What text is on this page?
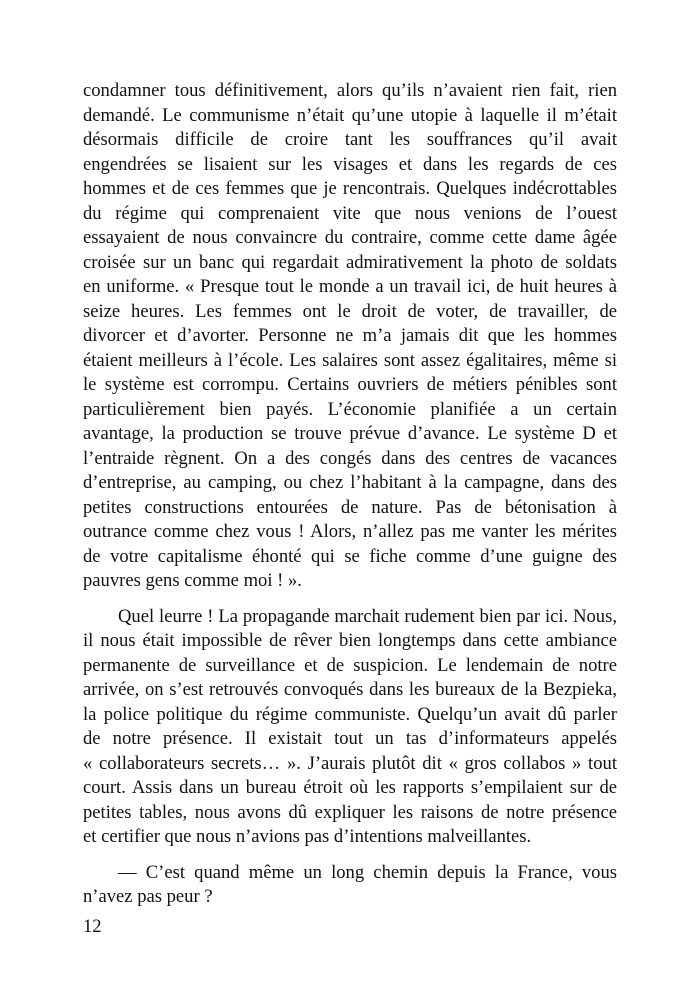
condamner tous définitivement, alors qu’ils n’avaient rien fait, rien
demandé. Le communisme n’était qu’une utopie à laquelle il m’était
désormais difficile de croire tant les souffrances qu’il avait
engendrées se lisaient sur les visages et dans les regards de ces
hommes et de ces femmes que je rencontrais. Quelques indécrottables
du régime qui comprenaient vite que nous venions de l’ouest
essayaient de nous convaincre du contraire, comme cette dame âgée
croisée sur un banc qui regardait admirativement la photo de soldats
en uniforme. « Presque tout le monde a un travail ici, de huit heures à
seize heures. Les femmes ont le droit de voter, de travailler, de
divorcer et d’avorter. Personne ne m’a jamais dit que les hommes
étaient meilleurs à l’école. Les salaires sont assez égalitaires, même si
le système est corrompu. Certains ouvriers de métiers pénibles sont
particulièrement bien payés. L’économie planifiée a un certain
avantage, la production se trouve prévue d’avance. Le système D et
l’entraide règnent. On a des congés dans des centres de vacances
d’entreprise, au camping, ou chez l’habitant à la campagne, dans des
petites constructions entourées de nature. Pas de bétonisation à
outrance comme chez vous ! Alors, n’allez pas me vanter les mérites
de votre capitalisme éhonté qui se fiche comme d’une guigne des
pauvres gens comme moi ! ».
Quel leurre ! La propagande marchait rudement bien par ici. Nous,
il nous était impossible de rêver bien longtemps dans cette ambiance
permanente de surveillance et de suspicion. Le lendemain de notre
arrivée, on s’est retrouvés convoqués dans les bureaux de la Bezpieka,
la police politique du régime communiste. Quelqu’un avait dû parler
de notre présence. Il existait tout un tas d’informateurs appelés
« collaborateurs secrets… ». J’aurais plutôt dit « gros collabos » tout
court. Assis dans un bureau étroit où les rapports s’empilaient sur de
petites tables, nous avons dû expliquer les raisons de notre présence
et certifier que nous n’avions pas d’intentions malveillantes.
— C’est quand même un long chemin depuis la France, vous
n’avez pas peur ?
12
